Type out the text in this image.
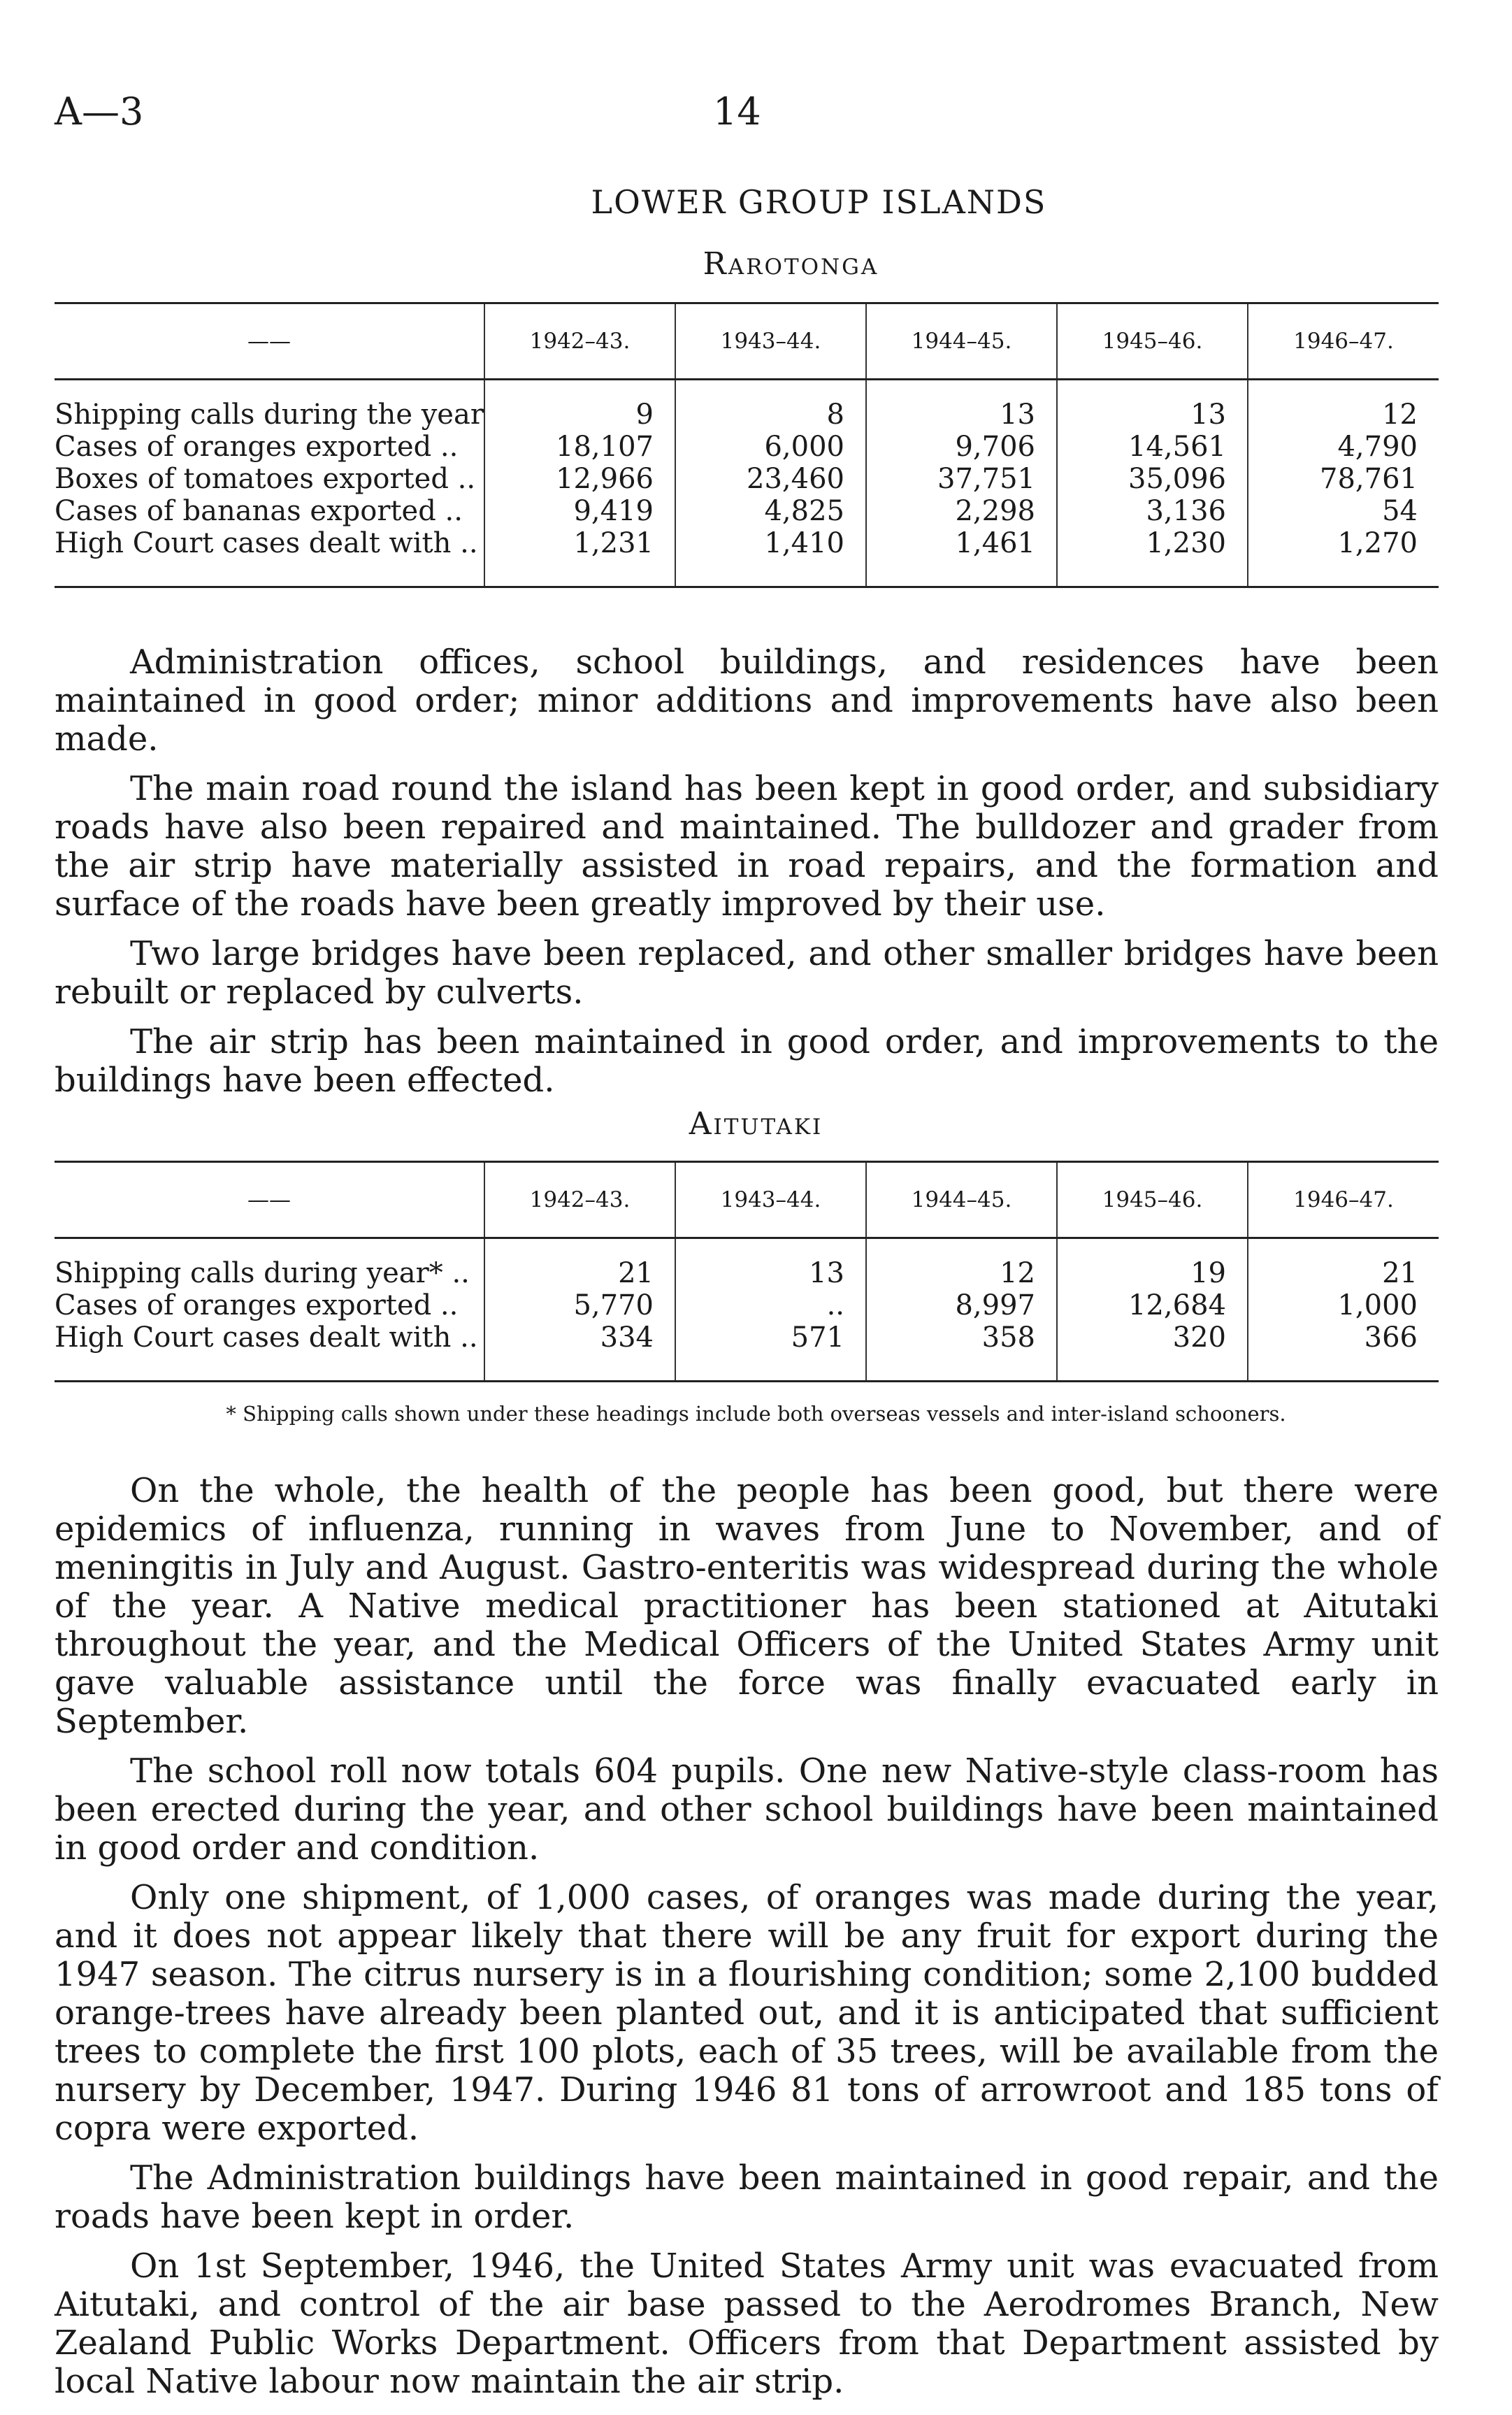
A—3	14
LOWER GROUP ISLANDS
Rarotonga
——	1942–43.	1943–44.	1944–45.	1945–46.	1946–47.

Shipping calls during the year	9	8	13	13	12
Cases of oranges exported ..	18,107	6,000	9,706	14,561	4,790
Boxes of tomatoes exported ..	12,966	23,460	37,751	35,096	78,761
Cases of bananas exported ..	9,419	4,825	2,298	3,136	54
High Court cases dealt with ..	1,231	1,410	1,461	1,230	1,270

Administration offices, school buildings, and residences have been maintained in good order; minor additions and improvements have also been made.

The main road round the island has been kept in good order, and subsidiary roads have also been repaired and maintained. The bulldozer and grader from the air strip have materially assisted in road repairs, and the formation and surface of the roads have been greatly improved by their use.

Two large bridges have been replaced, and other smaller bridges have been rebuilt or replaced by culverts.

The air strip has been maintained in good order, and improvements to the buildings have been effected.

Aitutaki
——	1942–43.	1943–44.	1944–45.	1945–46.	1946–47.

Shipping calls during year* ..	21	13	12	19	21
Cases of oranges exported ..	5,770	..	8,997	12,684	1,000
High Court cases dealt with ..	334	571	358	320	366

* Shipping calls shown under these headings include both overseas vessels and inter-island schooners.

On the whole, the health of the people has been good, but there were epidemics of influenza, running in waves from June to November, and of meningitis in July and August. Gastro-enteritis was widespread during the whole of the year. A Native medical practitioner has been stationed at Aitutaki throughout the year, and the Medical Officers of the United States Army unit gave valuable assistance until the force was finally evacuated early in September.

The school roll now totals 604 pupils. One new Native-style class-room has been erected during the year, and other school buildings have been maintained in good order and condition.

Only one shipment, of 1,000 cases, of oranges was made during the year, and it does not appear likely that there will be any fruit for export during the 1947 season. The citrus nursery is in a flourishing condition; some 2,100 budded orange-trees have already been planted out, and it is anticipated that sufficient trees to complete the first 100 plots, each of 35 trees, will be available from the nursery by December, 1947. During 1946 81 tons of arrowroot and 185 tons of copra were exported.

The Administration buildings have been maintained in good repair, and the roads have been kept in order.

On 1st September, 1946, the United States Army unit was evacuated from Aitutaki, and control of the air base passed to the Aerodromes Branch, New Zealand Public Works Department. Officers from that Department assisted by local Native labour now maintain the air strip.
